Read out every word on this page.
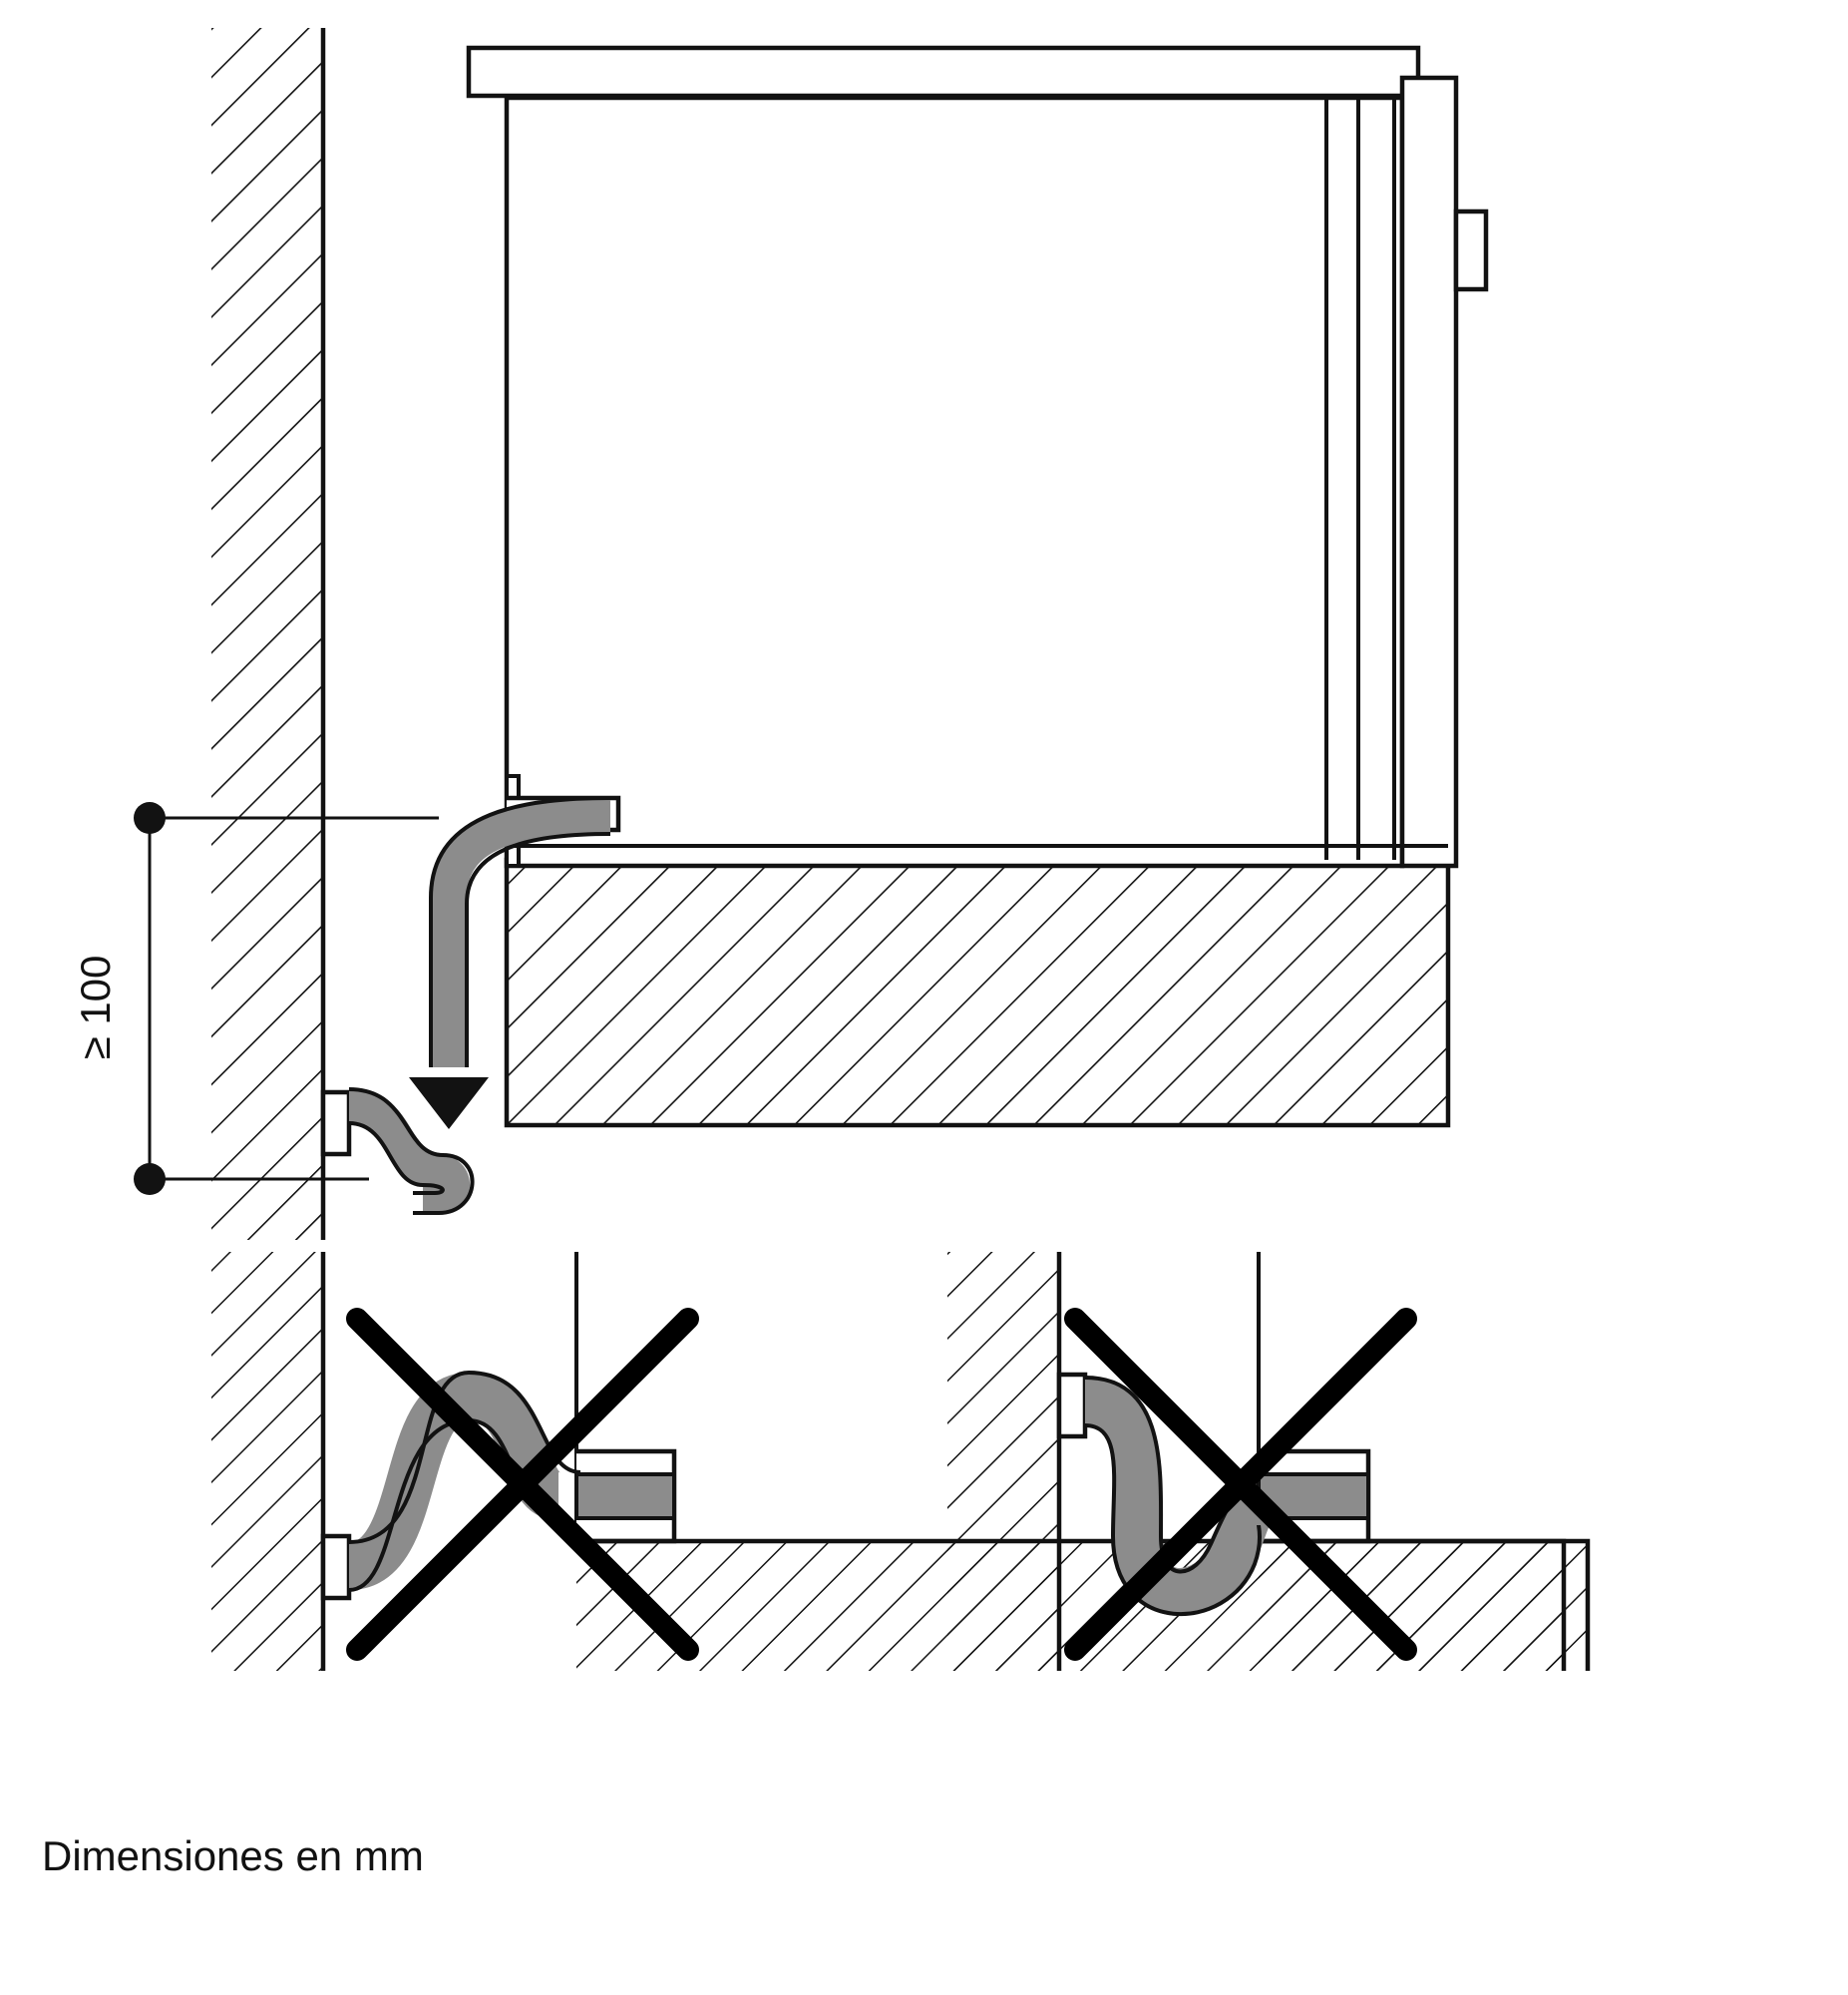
≥ 100
Dimensiones en mm
